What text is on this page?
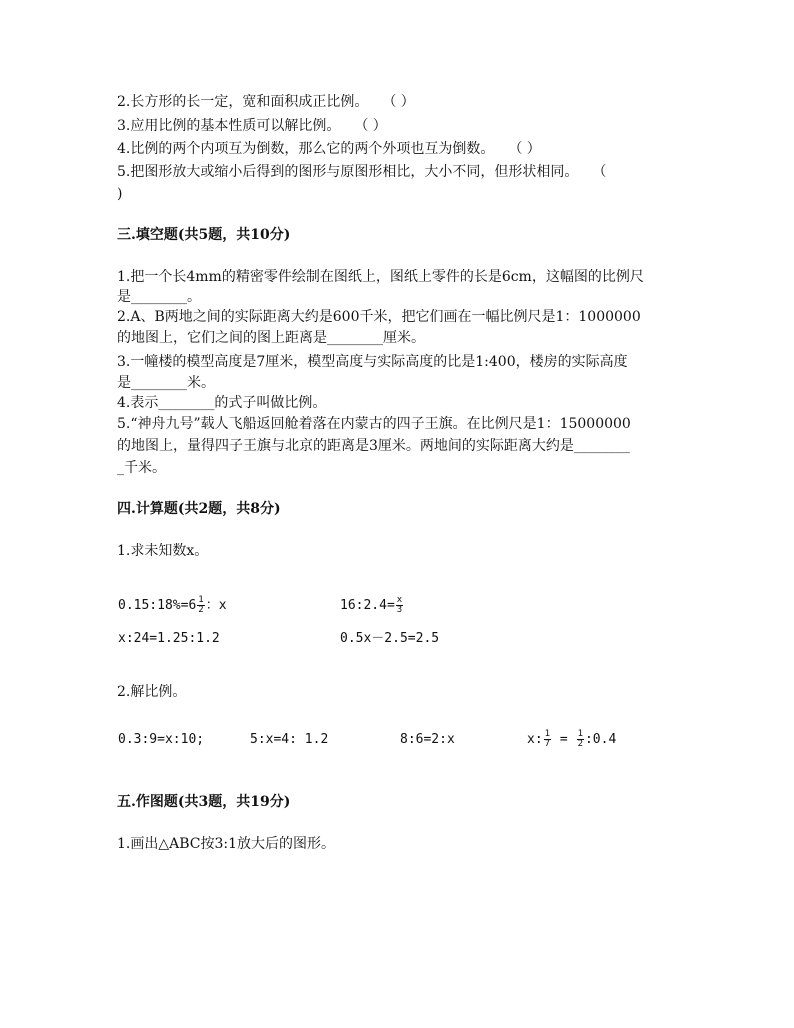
2.长方形的长一定，宽和面积成正比例。　　（ ）
3.应用比例的基本性质可以解比例。　　（ ）
4.比例的两个内项互为倒数，那么它的两个外项也互为倒数。　　（ ）
5.把图形放大或缩小后得到的图形与原图形相比，大小不同，但形状相同。　　（
)
三.填空题(共5题，共10分)
1.把一个长4mm的精密零件绘制在图纸上，图纸上零件的长是6cm，这幅图的比例尺
是________。
2.A、B两地之间的实际距离大约是600千米，把它们画在一幅比例尺是1：1000000
的地图上，它们之间的图上距离是________厘米。
3.一幢楼的模型高度是7厘米，模型高度与实际高度的比是1:400，楼房的实际高度
是________米。
4.表示________的式子叫做比例。
5.“神舟九号”载人飞船返回舱着落在内蒙古的四子王旗。在比例尺是1：15000000
的地图上，量得四子王旗与北京的距离是3厘米。两地间的实际距离大约是________
_千米。
四.计算题(共2题，共8分)
1.求未知数x。
0.15:18%=6 $\frac{1}{2}$ ：x	16:2.4= $\frac{x}{3}$
x:24=1.25:1.2	0.5x－2.5=2.5
2.解比例。
0.3:9=x:10;	5:x=4: 1.2	8:6=2:x	x: $\frac{1}{7} = \frac{1}{2}$ :0.4
五.作图题(共3题，共19分)
1.画出△ABC按3:1放大后的图形。
